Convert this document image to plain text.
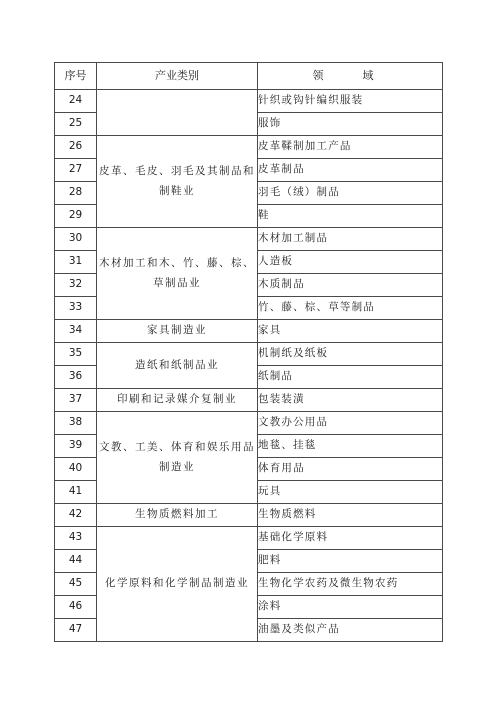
序号	产业类别	领　域
24		针织或钩针编织服装
25		服饰
26	皮革、毛皮、羽毛及其制品和制鞋业	皮革鞣制加工产品
27		皮革制品
28		羽毛（绒）制品
29		鞋
30	木材加工和木、竹、藤、棕、草制品业	木材加工制品
31		人造板
32		木质制品
33		竹、藤、棕、草等制品
34	家具制造业	家具
35	造纸和纸制品业	机制纸及纸板
36		纸制品
37	印刷和记录媒介复制业	包装装潢
38	文教、工美、体育和娱乐用品制造业	文教办公用品
39		地毯、挂毯
40		体育用品
41		玩具
42	生物质燃料加工	生物质燃料
43	化学原料和化学制品制造业	基础化学原料
44		肥料
45		生物化学农药及微生物农药
46		涂料
47		油墨及类似产品
